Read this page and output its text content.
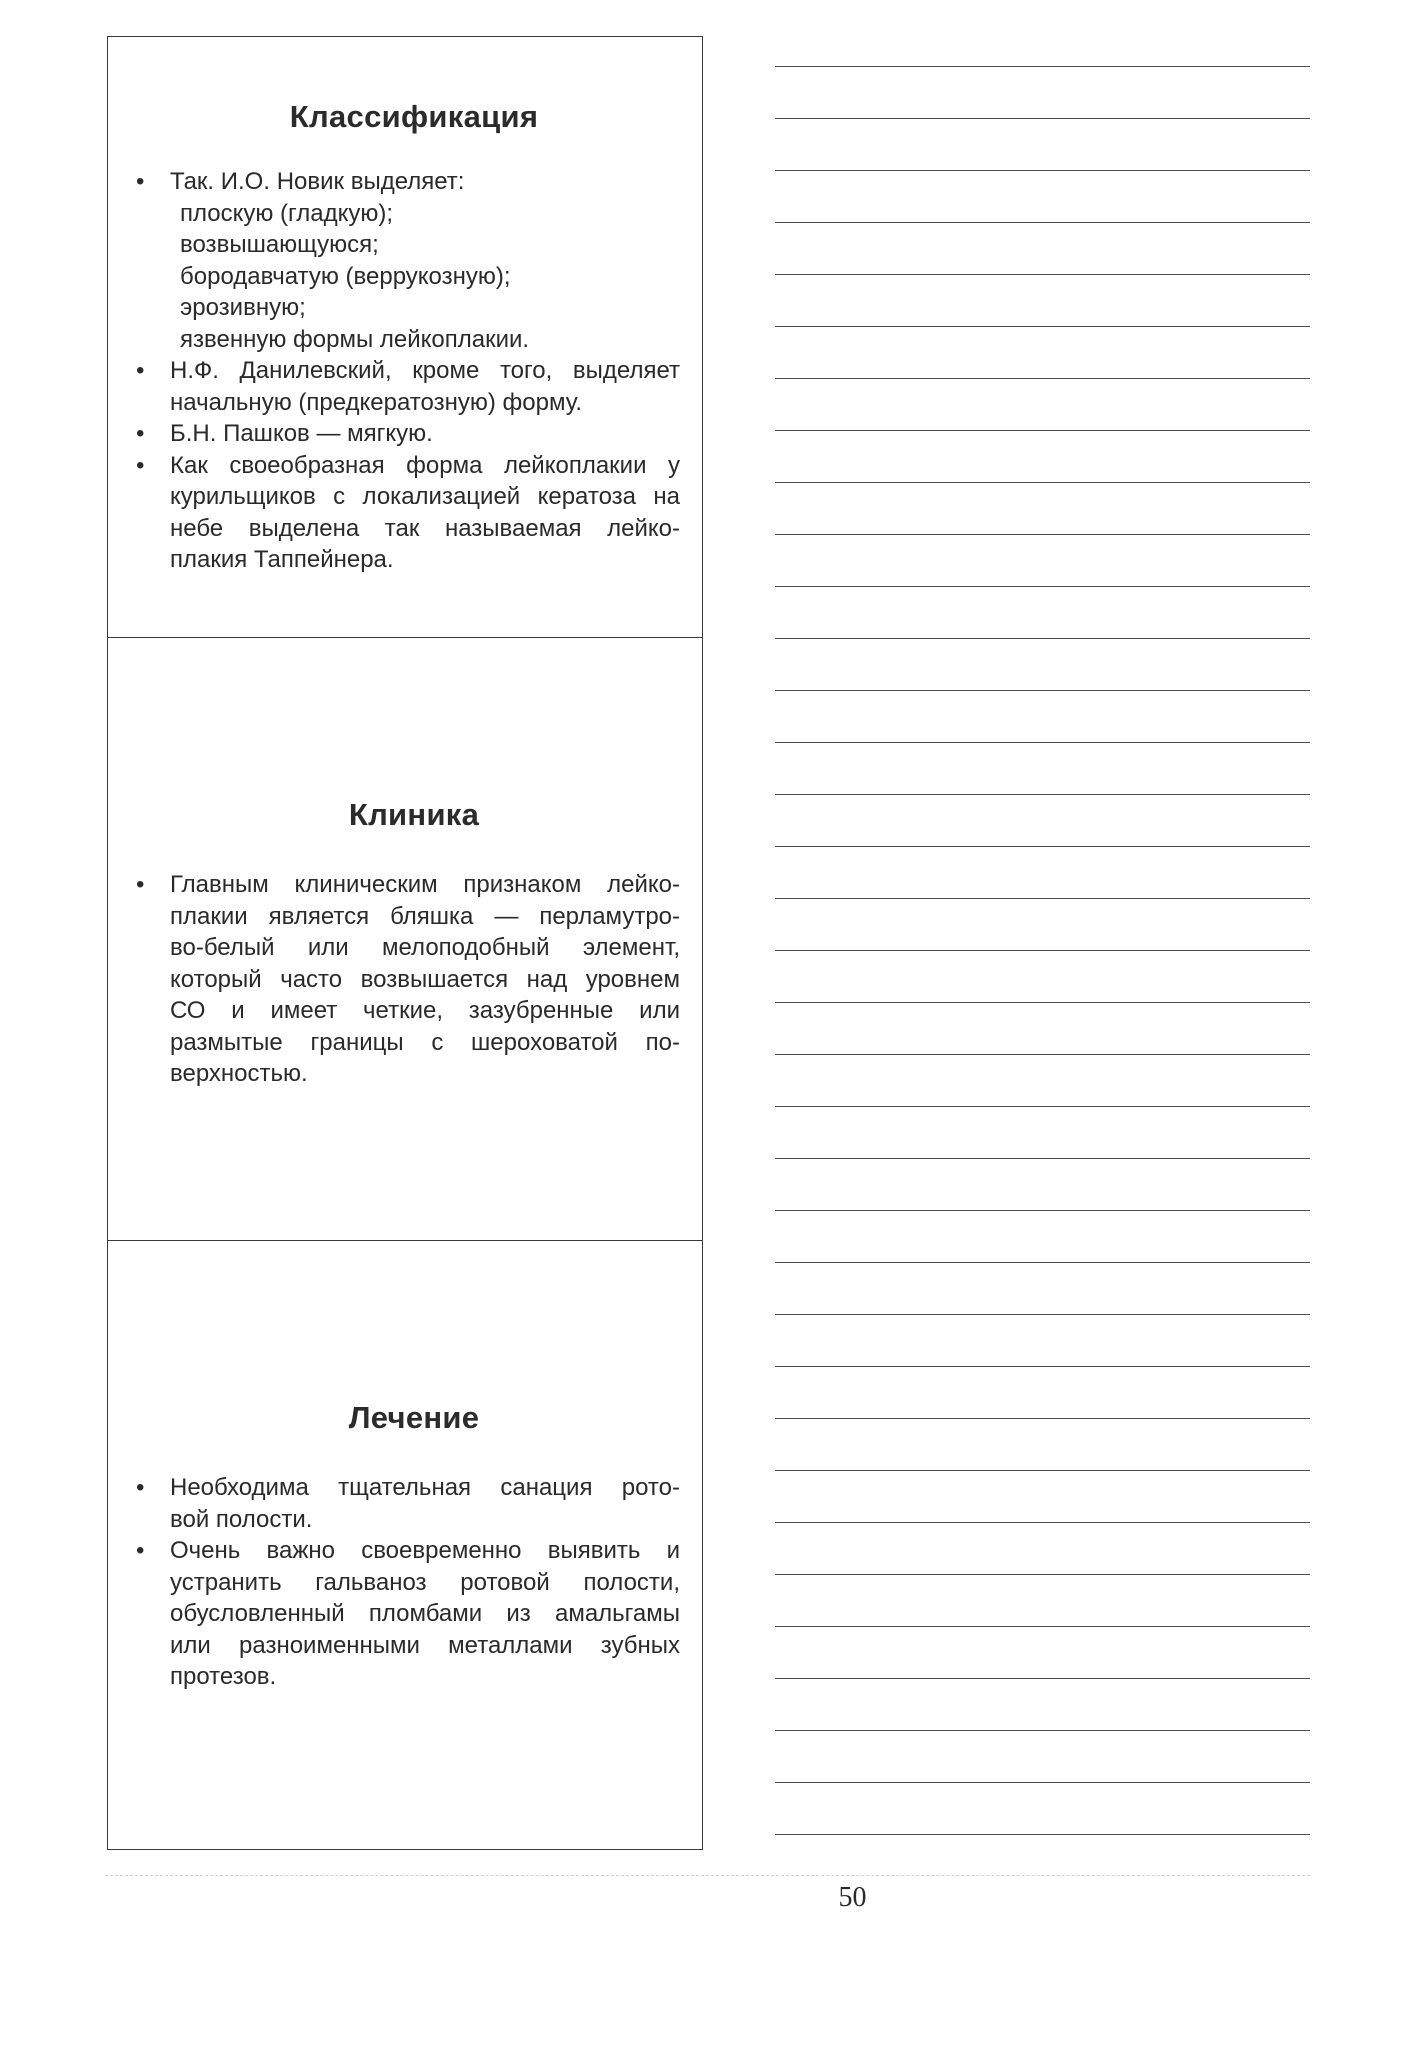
Классификация
• Так. И.О. Новик выделяет:
плоскую (гладкую);
возвышающуюся;
бородавчатую (веррукозную);
эрозивную;
язвенную формы лейкоплакии.
• Н.Ф. Данилевский, кроме того, выделяет
начальную (предкератозную) форму.
• Б.Н. Пашков — мягкую.
• Как своеобразная форма лейкоплакии у
курильщиков с локализацией кератоза на
небе выделена так называемая лейко-
плакия Таппейнера.
Клиника
• Главным клиническим признаком лейко-
плакии является бляшка — перламутро-
во-белый или мелоподобный элемент,
который часто возвышается над уровнем
СО и имеет четкие, зазубренные или
размытые границы с шероховатой по-
верхностью.
Лечение
• Необходима тщательная санация рото-
вой полости.
• Очень важно своевременно выявить и
устранить гальваноз ротовой полости,
обусловленный пломбами из амальгамы
или разноименными металлами зубных
протезов.
50
